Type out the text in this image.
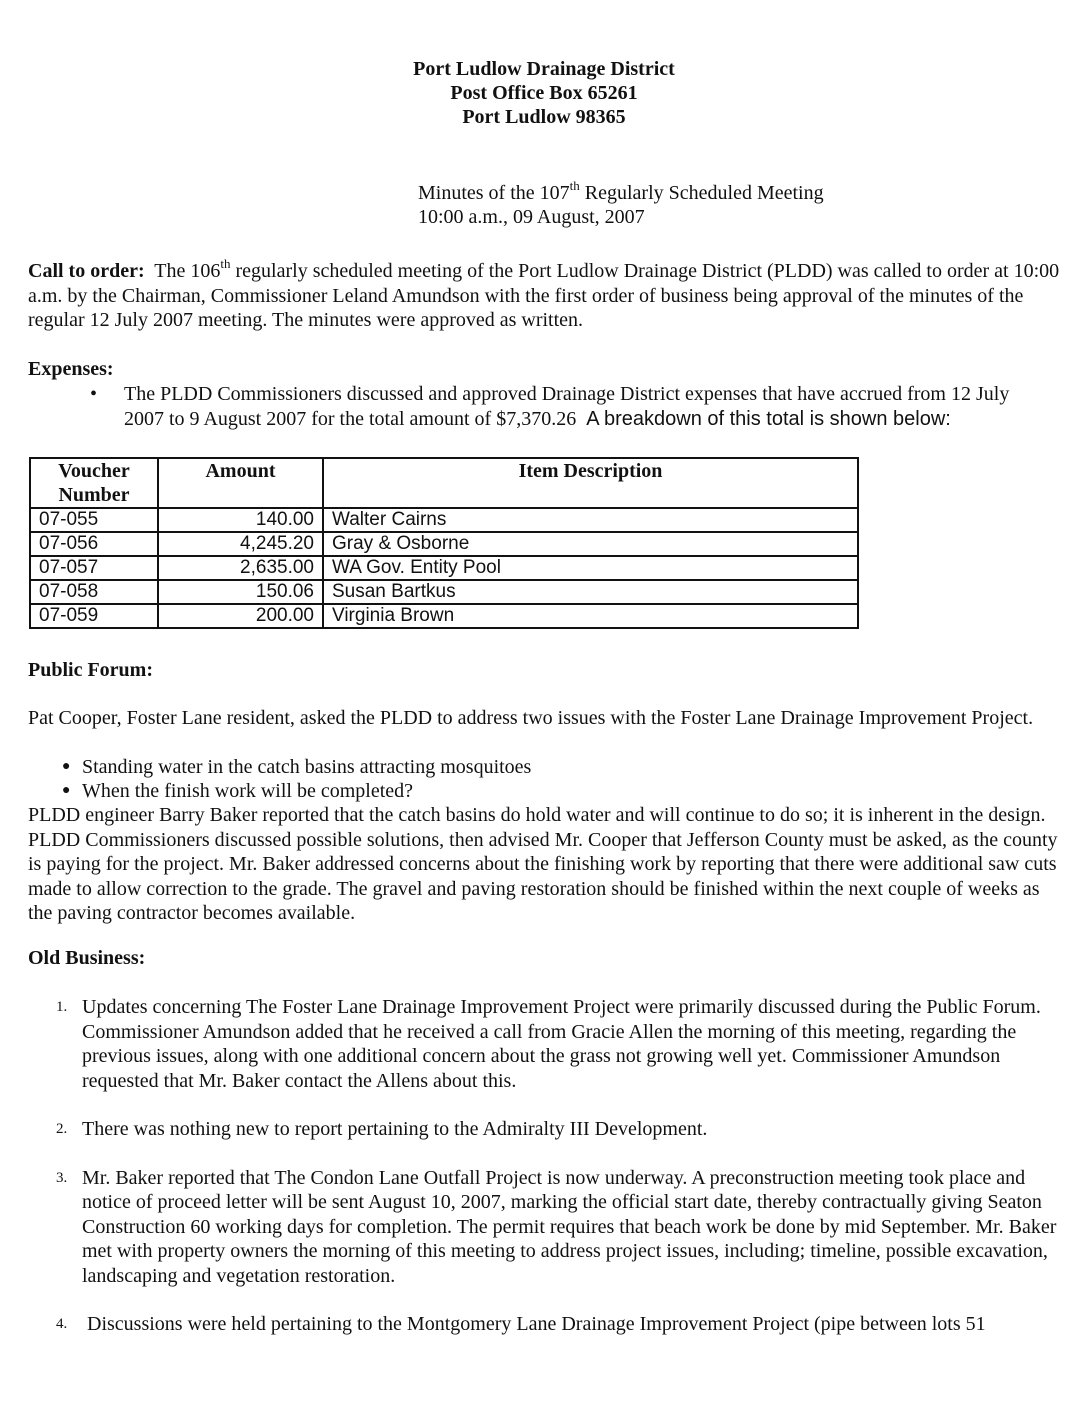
Port Ludlow Drainage District
Post Office Box 65261
Port Ludlow 98365
Minutes of the 107th Regularly Scheduled Meeting
10:00 a.m., 09 August, 2007
Call to order:  The 106th regularly scheduled meeting of the Port Ludlow Drainage District (PLDD) was called to order at 10:00 a.m. by the Chairman, Commissioner Leland Amundson with the first order of business being approval of the minutes of the regular 12 July 2007 meeting. The minutes were approved as written.
Expenses:
•	The PLDD Commissioners discussed and approved Drainage District expenses that have accrued from 12 July 2007 to 9 August 2007 for the total amount of $7,370.26 A breakdown of this total is shown below:
Voucher Number	Amount	Item Description
07-055	140.00	Walter Cairns
07-056	4,245.20	Gray & Osborne
07-057	2,635.00	WA Gov. Entity Pool
07-058	150.06	Susan Bartkus
07-059	200.00	Virginia Brown
Public Forum:
Pat Cooper, Foster Lane resident, asked the PLDD to address two issues with the Foster Lane Drainage Improvement Project.
● Standing water in the catch basins attracting mosquitoes
● When the finish work will be completed?
PLDD engineer Barry Baker reported that the catch basins do hold water and will continue to do so; it is inherent in the design. PLDD Commissioners discussed possible solutions, then advised Mr. Cooper that Jefferson County must be asked, as the county is paying for the project. Mr. Baker addressed concerns about the finishing work by reporting that there were additional saw cuts made to allow correction to the grade. The gravel and paving restoration should be finished within the next couple of weeks as the paving contractor becomes available.
Old Business:
1. Updates concerning The Foster Lane Drainage Improvement Project were primarily discussed during the Public Forum. Commissioner Amundson added that he received a call from Gracie Allen the morning of this meeting, regarding the previous issues, along with one additional concern about the grass not growing well yet. Commissioner Amundson requested that Mr. Baker contact the Allens about this.
2. There was nothing new to report pertaining to the Admiralty III Development.
3. Mr. Baker reported that The Condon Lane Outfall Project is now underway. A preconstruction meeting took place and notice of proceed letter will be sent August 10, 2007, marking the official start date, thereby contractually giving Seaton Construction 60 working days for completion. The permit requires that beach work be done by mid September. Mr. Baker met with property owners the morning of this meeting to address project issues, including; timeline, possible excavation, landscaping and vegetation restoration.
4. Discussions were held pertaining to the Montgomery Lane Drainage Improvement Project (pipe between lots 51
